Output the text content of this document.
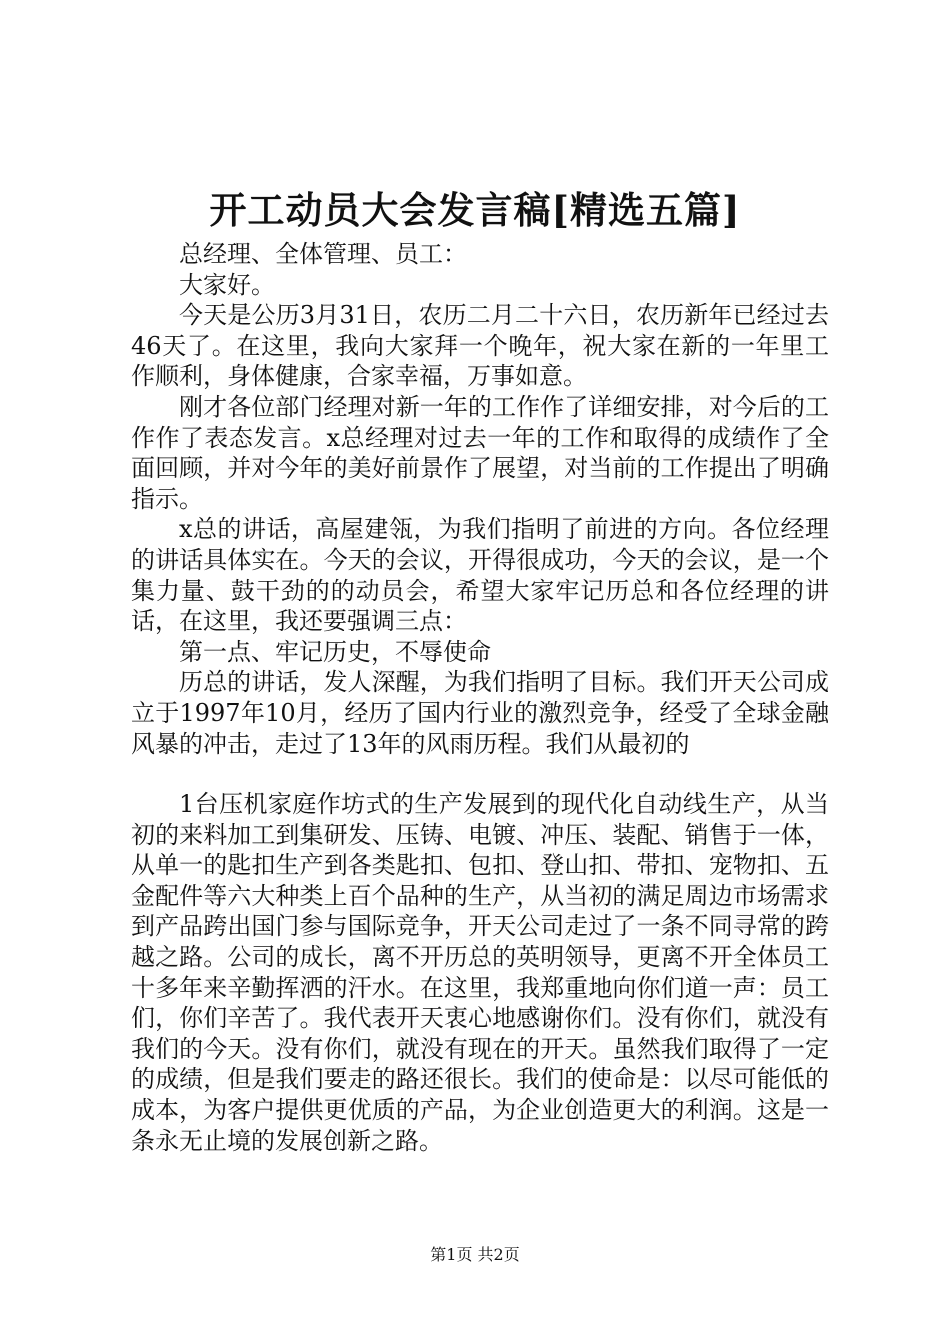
开工动员大会发言稿[精选五篇]

总经理、全体管理、员工：

大家好。

今天是公历3月31日，农历二月二十六日，农历新年已经过去46天了。在这里，我向大家拜一个晚年，祝大家在新的一年里工作顺利，身体健康，合家幸福，万事如意。

刚才各位部门经理对新一年的工作作了详细安排，对今后的工作作了表态发言。x总经理对过去一年的工作和取得的成绩作了全面回顾，并对今年的美好前景作了展望，对当前的工作提出了明确指示。

x总的讲话，高屋建瓴，为我们指明了前进的方向。各位经理的讲话具体实在。今天的会议，开得很成功，今天的会议，是一个集力量、鼓干劲的的动员会，希望大家牢记历总和各位经理的讲话，在这里，我还要强调三点：

第一点、牢记历史，不辱使命

历总的讲话，发人深醒，为我们指明了目标。我们开天公司成立于1997年10月，经历了国内行业的激烈竞争，经受了全球金融风暴的冲击，走过了13年的风雨历程。我们从最初的

1台压机家庭作坊式的生产发展到的现代化自动线生产，从当初的来料加工到集研发、压铸、电镀、冲压、装配、销售于一体，从单一的匙扣生产到各类匙扣、包扣、登山扣、带扣、宠物扣、五金配件等六大种类上百个品种的生产，从当初的满足周边市场需求到产品跨出国门参与国际竞争，开天公司走过了一条不同寻常的跨越之路。公司的成长，离不开历总的英明领导，更离不开全体员工十多年来辛勤挥洒的汗水。在这里，我郑重地向你们道一声：员工们，你们辛苦了。我代表开天衷心地感谢你们。没有你们，就没有我们的今天。没有你们，就没有现在的开天。虽然我们取得了一定的成绩，但是我们要走的路还很长。我们的使命是：以尽可能低的成本，为客户提供更优质的产品，为企业创造更大的利润。这是一条永无止境的发展创新之路。

第1页 共2页
